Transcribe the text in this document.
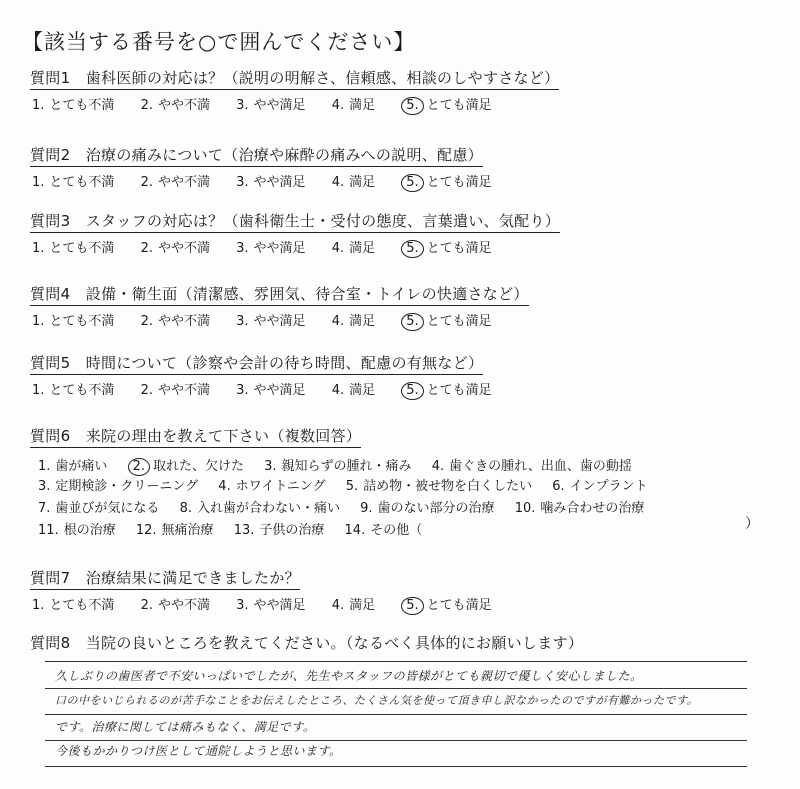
【該当する番号を○で囲んでください】
質問1　歯科医師の対応は？（説明の明解さ、信頼感、相談のしやすさなど）
1. とても不満 2. やや不満 3. やや満足 4. 満足 5. とても満足
質問2　治療の痛みについて（治療や麻酔の痛みへの説明、配慮）
1. とても不満 2. やや不満 3. やや満足 4. 満足 5. とても満足
質問3　スタッフの対応は？（歯科衛生士・受付の態度、言葉遣い、気配り）
1. とても不満 2. やや不満 3. やや満足 4. 満足 5. とても満足
質問4　設備・衛生面（清潔感、雰囲気、待合室・トイレの快適さなど）
1. とても不満 2. やや不満 3. やや満足 4. 満足 5. とても満足
質問5　時間について（診察や会計の待ち時間、配慮の有無など）
1. とても不満 2. やや不満 3. やや満足 4. 満足 5. とても満足
質問6　来院の理由を教えて下さい（複数回答）
1. 歯が痛い 2. 取れた、欠けた 3. 親知らずの腫れ・痛み 4. 歯ぐきの腫れ、出血、歯の動揺
3. 定期検診・クリーニング 4. ホワイトニング 5. 詰め物・被せ物を白くしたい 6. インプラント
7. 歯並びが気になる 8. 入れ歯が合わない・痛い 9. 歯のない部分の治療 10. 噛み合わせの治療
11. 根の治療 12. 無痛治療 13. 子供の治療 14. その他（	）
質問7　治療結果に満足できましたか？
1. とても不満 2. やや不満 3. やや満足 4. 満足 5. とても満足
質問8　当院の良いところを教えてください。（なるべく具体的にお願いします）
久しぶりの歯医者で不安いっぱいでしたが、先生やスタッフの皆様がとても親切で優しく安心しました。
口の中をいじられるのが苦手なことをお伝えしたところ、たくさん気を使って頂き申し訳なかったのですが有難かったです。
です。治療に関しては痛みもなく、満足です。
今後もかかりつけ医として通院しようと思います。
